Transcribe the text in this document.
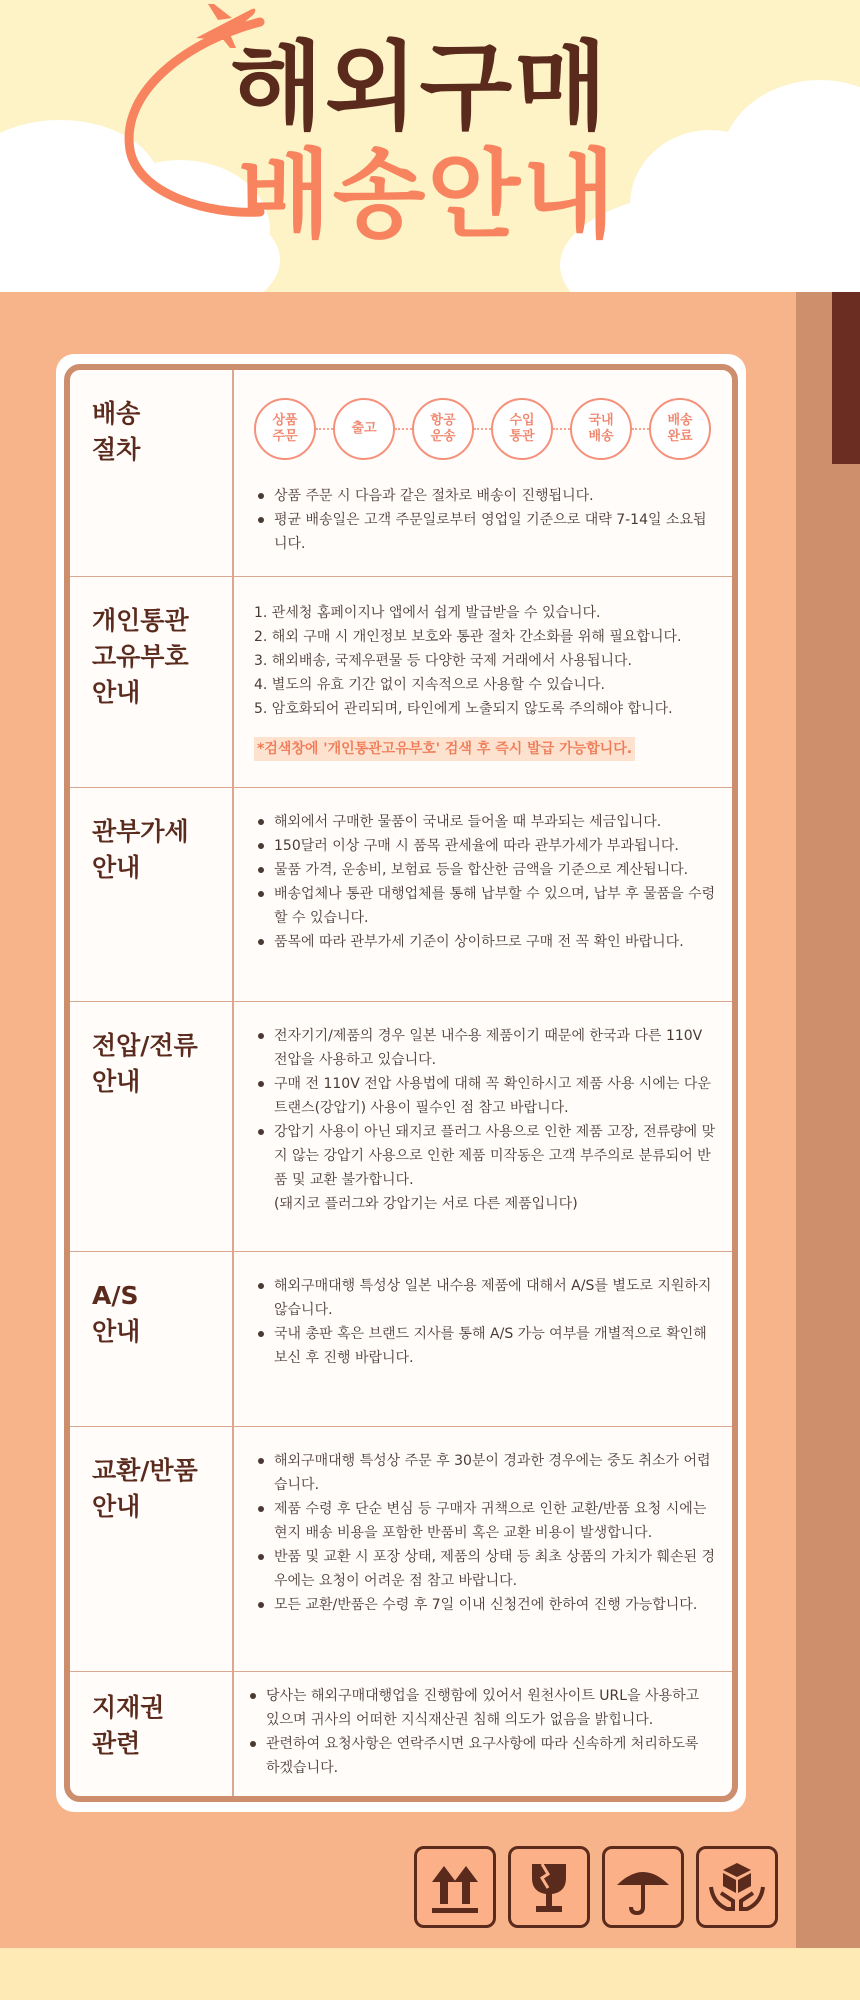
해외구매
배송안내
배송
절차
상품
주문
출고
항공
운송
수입
통관
국내
배송
배송
완료
상품 주문 시 다음과 같은 절차로 배송이 진행됩니다.
평균 배송일은 고객 주문일로부터 영업일 기준으로 대략 7-14일 소요됩니다.
개인통관
고유부호
안내
1. 관세청 홈페이지나 앱에서 쉽게 발급받을 수 있습니다.
2. 해외 구매 시 개인정보 보호와 통관 절차 간소화를 위해 필요합니다.
3. 해외배송, 국제우편물 등 다양한 국제 거래에서 사용됩니다.
4. 별도의 유효 기간 없이 지속적으로 사용할 수 있습니다.
5. 암호화되어 관리되며, 타인에게 노출되지 않도록 주의해야 합니다.
*검색창에 '개인통관고유부호' 검색 후 즉시 발급 가능합니다.
관부가세
안내
해외에서 구매한 물품이 국내로 들어올 때 부과되는 세금입니다.
150달러 이상 구매 시 품목 관세율에 따라 관부가세가 부과됩니다.
물품 가격, 운송비, 보험료 등을 합산한 금액을 기준으로 계산됩니다.
배송업체나 통관 대행업체를 통해 납부할 수 있으며, 납부 후 물품을 수령할 수 있습니다.
품목에 따라 관부가세 기준이 상이하므로 구매 전 꼭 확인 바랍니다.
전압/전류
안내
전자기기/제품의 경우 일본 내수용 제품이기 때문에 한국과 다른 110V 전압을 사용하고 있습니다.
구매 전 110V 전압 사용법에 대해 꼭 확인하시고 제품 사용 시에는 다운트랜스(강압기) 사용이 필수인 점 참고 바랍니다.
강압기 사용이 아닌 돼지코 플러그 사용으로 인한 제품 고장, 전류량에 맞지 않는 강압기 사용으로 인한 제품 미작동은 고객 부주의로 분류되어 반품 및 교환 불가합니다.
(돼지코 플러그와 강압기는 서로 다른 제품입니다)
A/S
안내
해외구매대행 특성상 일본 내수용 제품에 대해서 A/S를 별도로 지원하지 않습니다.
국내 총판 혹은 브랜드 지사를 통해 A/S 가능 여부를 개별적으로 확인해보신 후 진행 바랍니다.
교환/반품
안내
해외구매대행 특성상 주문 후 30분이 경과한 경우에는 중도 취소가 어렵습니다.
제품 수령 후 단순 변심 등 구매자 귀책으로 인한 교환/반품 요청 시에는 현지 배송 비용을 포함한 반품비 혹은 교환 비용이 발생합니다.
반품 및 교환 시 포장 상태, 제품의 상태 등 최초 상품의 가치가 훼손된 경우에는 요청이 어려운 점 참고 바랍니다.
모든 교환/반품은 수령 후 7일 이내 신청건에 한하여 진행 가능합니다.
지재권
관련
당사는 해외구매대행업을 진행함에 있어서 원천사이트 URL을 사용하고 있으며 귀사의 어떠한 지식재산권 침해 의도가 없음을 밝힙니다.
관련하여 요청사항은 연락주시면 요구사항에 따라 신속하게 처리하도록 하겠습니다.
